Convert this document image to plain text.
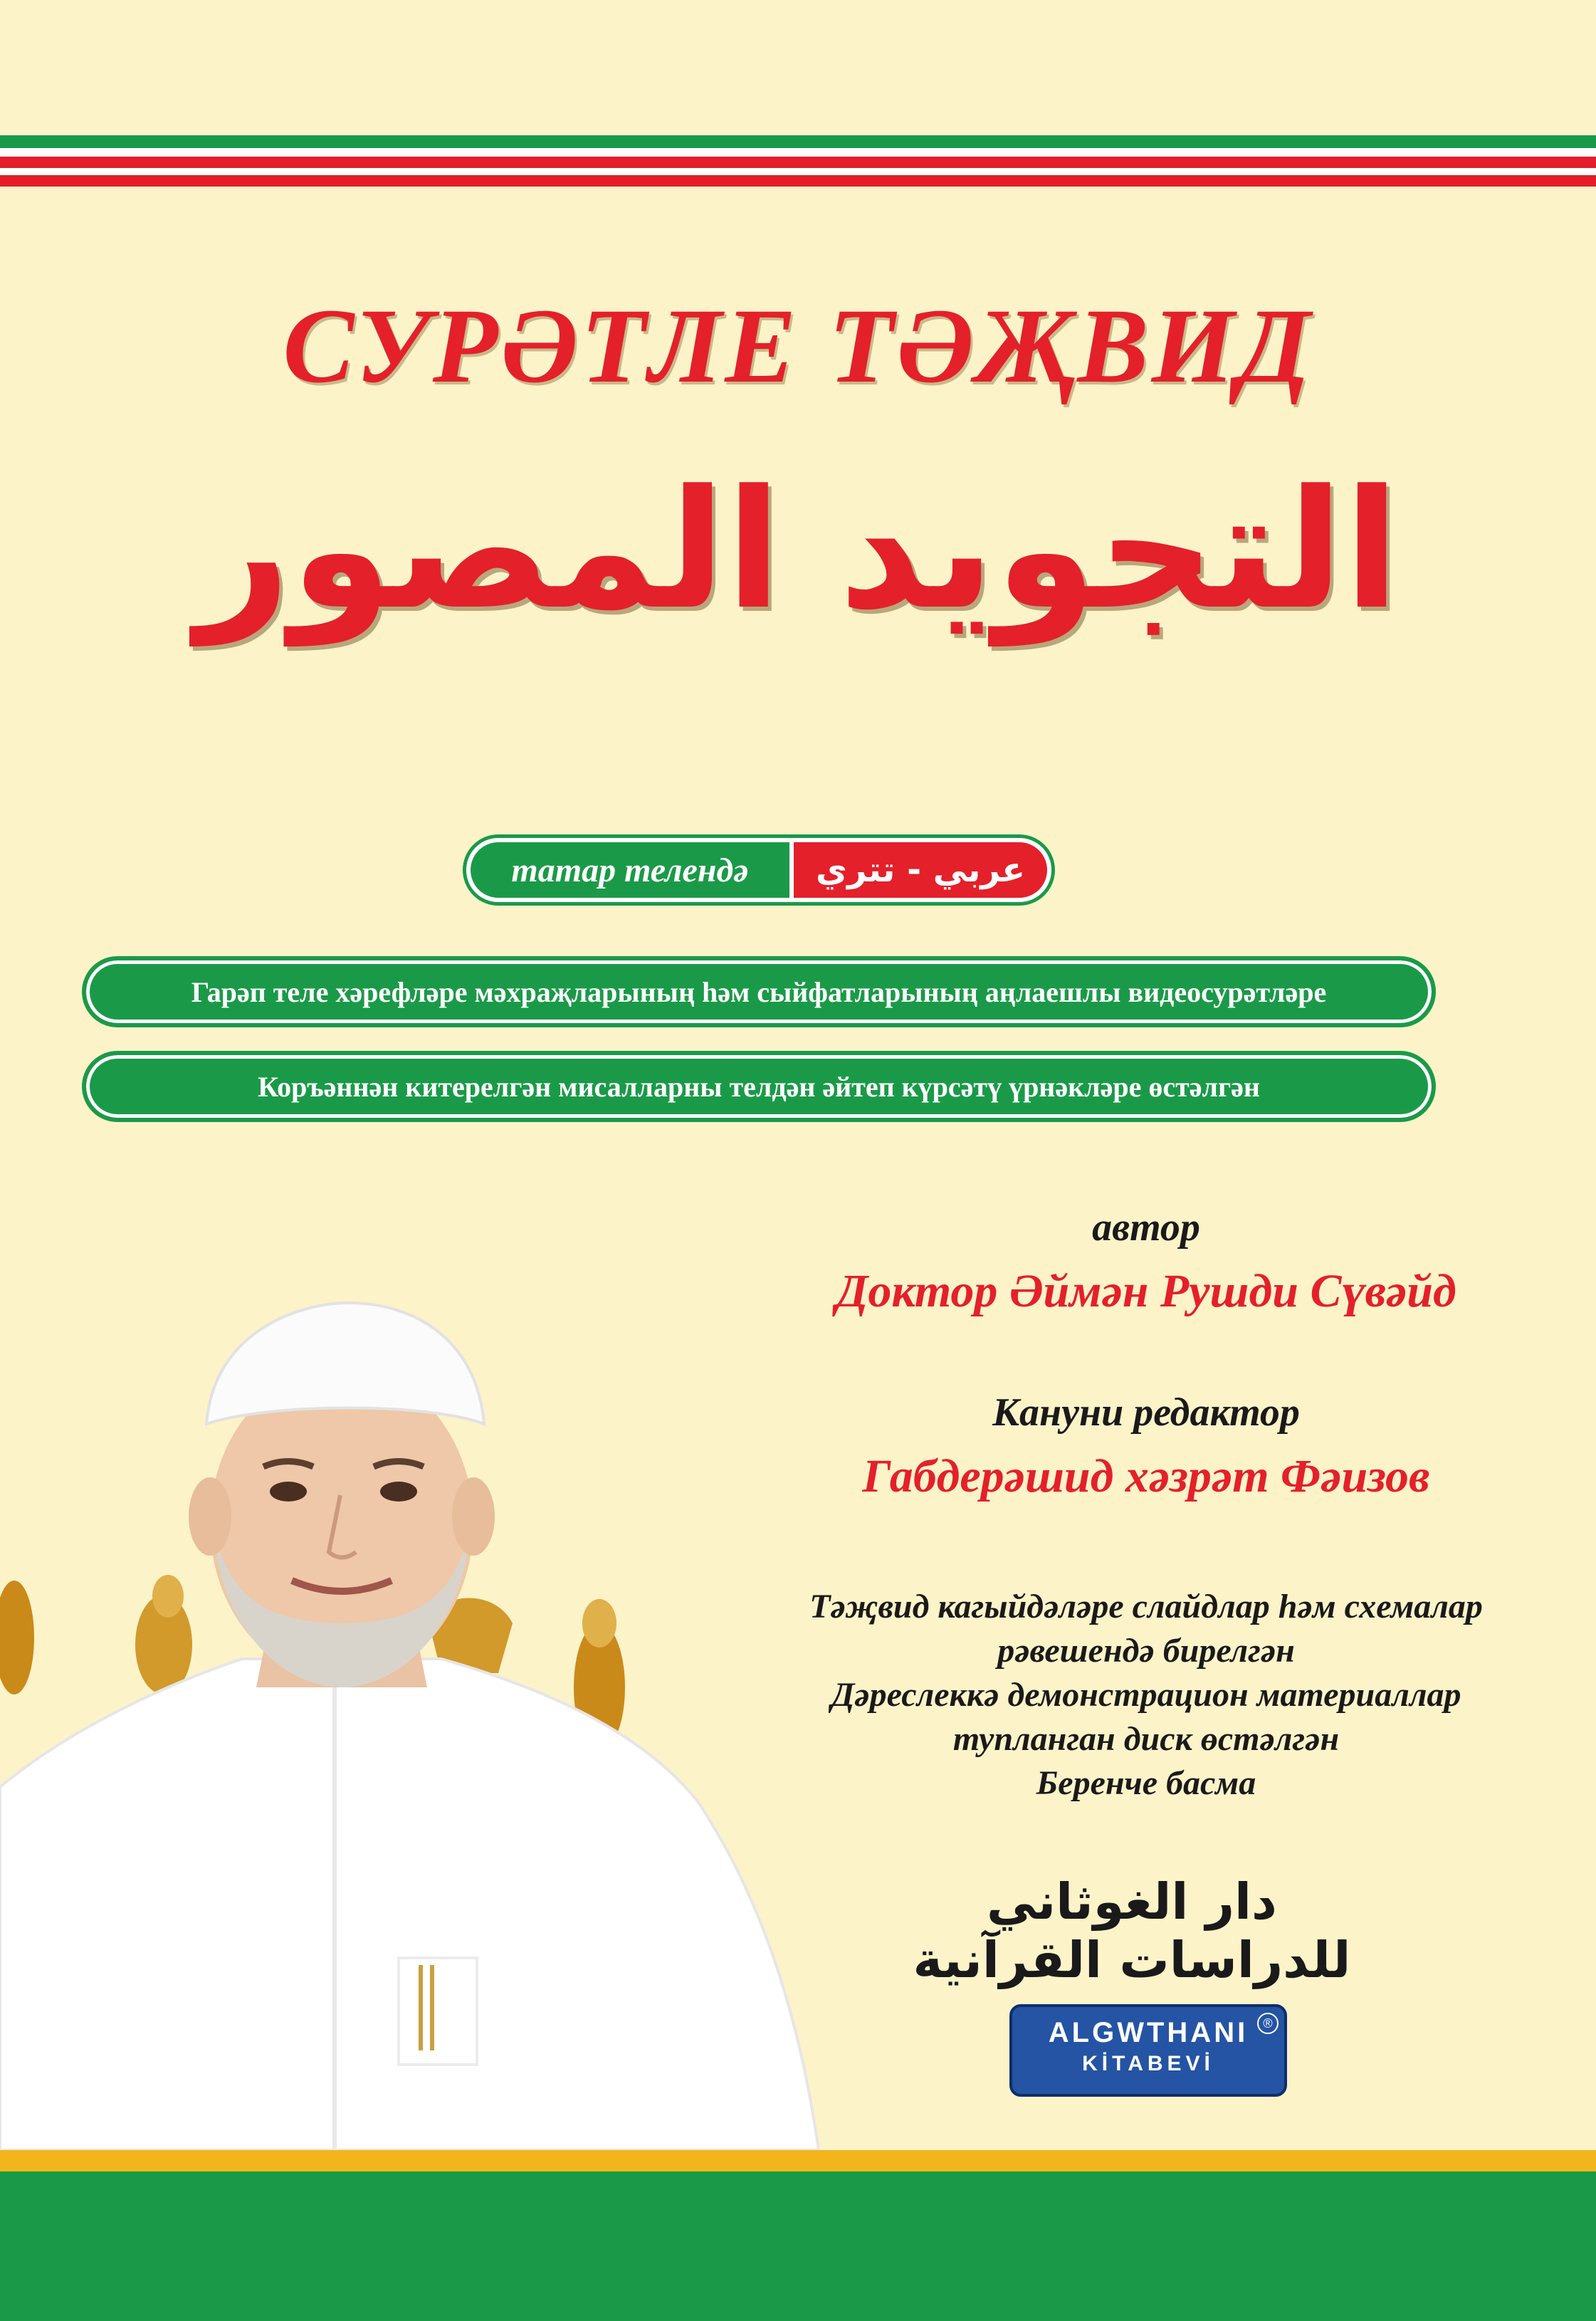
СУРӘТЛЕ ТӘҖВИД
التجويد المصور
татар телендә	عربي - تتري
Гарәп теле хәрефләре мәхраҗларының һәм сыйфатларының аңлаешлы видеосурәтләре
Коръәннән китерелгән мисалларны телдән әйтеп күрсәтү үрнәкләре өстәлгән
автор
Доктор Әймән Рушди Сүвәйд
Кануни редактор
Габдерәшид хәзрәт Фәизов
Тәҗвид кагыйдәләре слайдлар һәм схемалар
рәвешендә бирелгән
Дәреслеккә демонстрацион материаллар
тупланган диск өстәлгән
Беренче басма
دار الغوثاني للدراسات القرآنية
ALGWTHANI
KİTABEVİ
®
